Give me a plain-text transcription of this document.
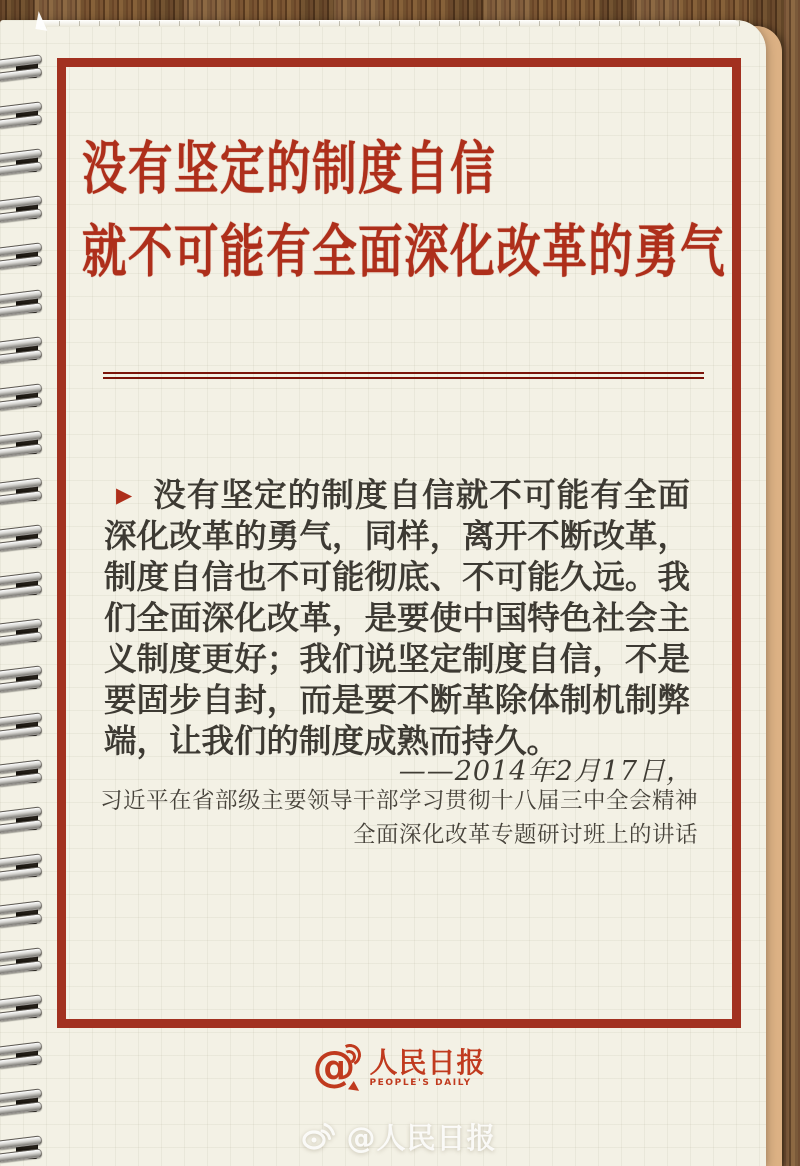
没有坚定的制度自信
就不可能有全面深化改革的勇气

▶ 没有坚定的制度自信就不可能有全面深化改革的勇气，同样，离开不断改革，制度自信也不可能彻底、不可能久远。我们全面深化改革，是要使中国特色社会主义制度更好；我们说坚定制度自信，不是要固步自封，而是要不断革除体制机制弊端，让我们的制度成熟而持久。

——2014年2月17日，
习近平在省部级主要领导干部学习贯彻十八届三中全会精神
全面深化改革专题研讨班上的讲话
@ 人民日报
PEOPLE'S DAILY
@人民日报
